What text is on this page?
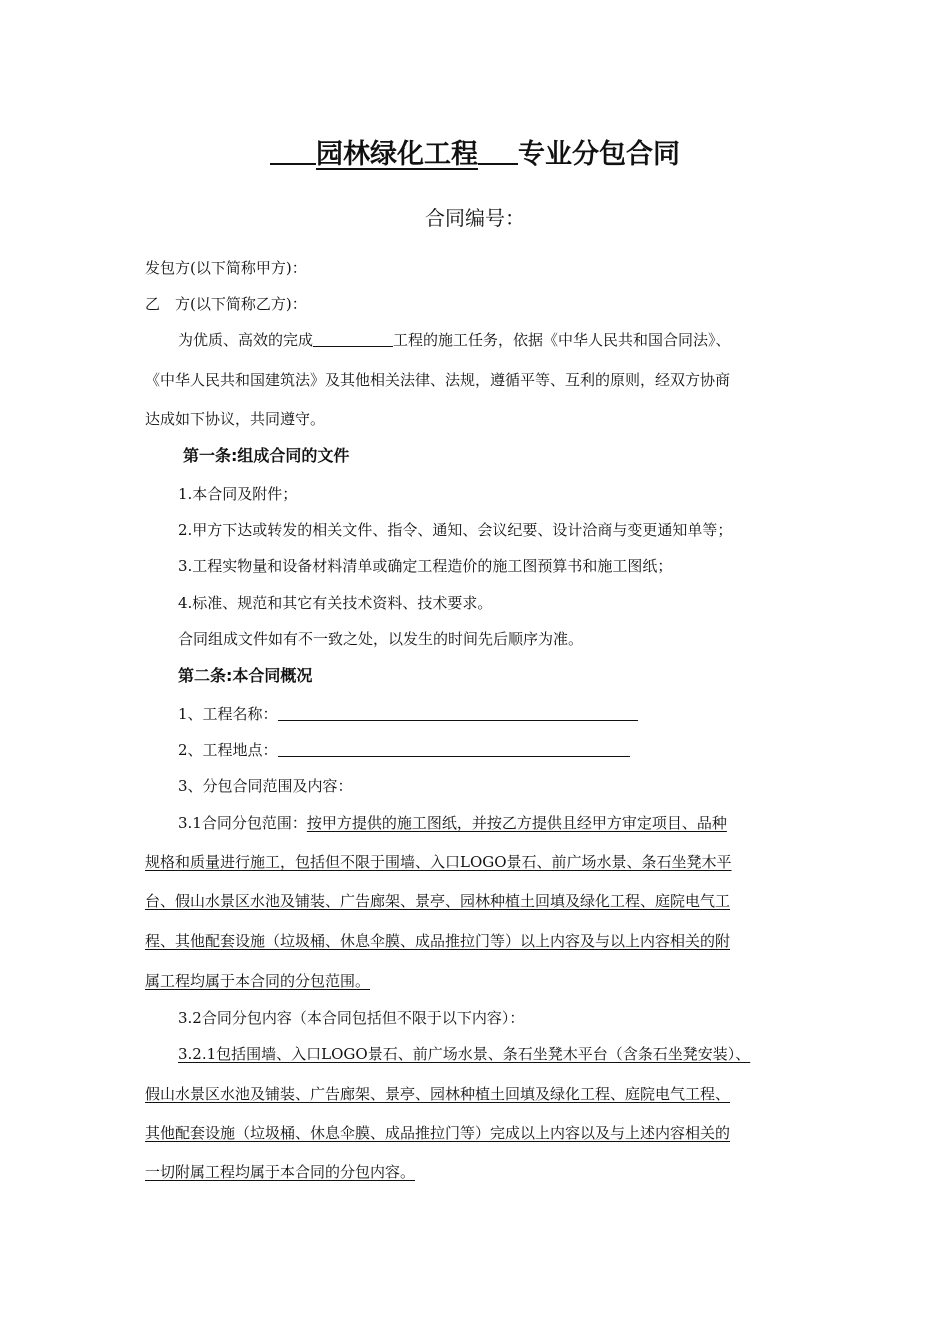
园林绿化工程 专业分包合同
合同编号：
发包方(以下简称甲方)：
乙　方(以下简称乙方)：
为优质、高效的完成	工程的施工任务，依据《中华人民共和国合同法》、
《中华人民共和国建筑法》及其他相关法律、法规，遵循平等、互利的原则，经双方协商
达成如下协议，共同遵守。
第一条:组成合同的文件
1.本合同及附件；
2.甲方下达或转发的相关文件、指令、通知、会议纪要、设计洽商与变更通知单等；
3.工程实物量和设备材料清单或确定工程造价的施工图预算书和施工图纸；
4.标准、规范和其它有关技术资料、技术要求。
合同组成文件如有不一致之处，以发生的时间先后顺序为准。
第二条:本合同概况
1、工程名称：
2、工程地点：
3、分包合同范围及内容：
3.1合同分包范围：按甲方提供的施工图纸，并按乙方提供且经甲方审定项目、品种
规格和质量进行施工，包括但不限于围墙、入口LOGO景石、前广场水景、条石坐凳木平
台、假山水景区水池及铺装、广告廊架、景亭、园林种植土回填及绿化工程、庭院电气工
程、其他配套设施（垃圾桶、休息伞膜、成品推拉门等）以上内容及与以上内容相关的附
属工程均属于本合同的分包范围。
3.2合同分包内容（本合同包括但不限于以下内容）：
3.2.1包括围墙、入口LOGO景石、前广场水景、条石坐凳木平台（含条石坐凳安装）、
假山水景区水池及铺装、广告廊架、景亭、园林种植土回填及绿化工程、庭院电气工程、
其他配套设施（垃圾桶、休息伞膜、成品推拉门等）完成以上内容以及与上述内容相关的
一切附属工程均属于本合同的分包内容。
